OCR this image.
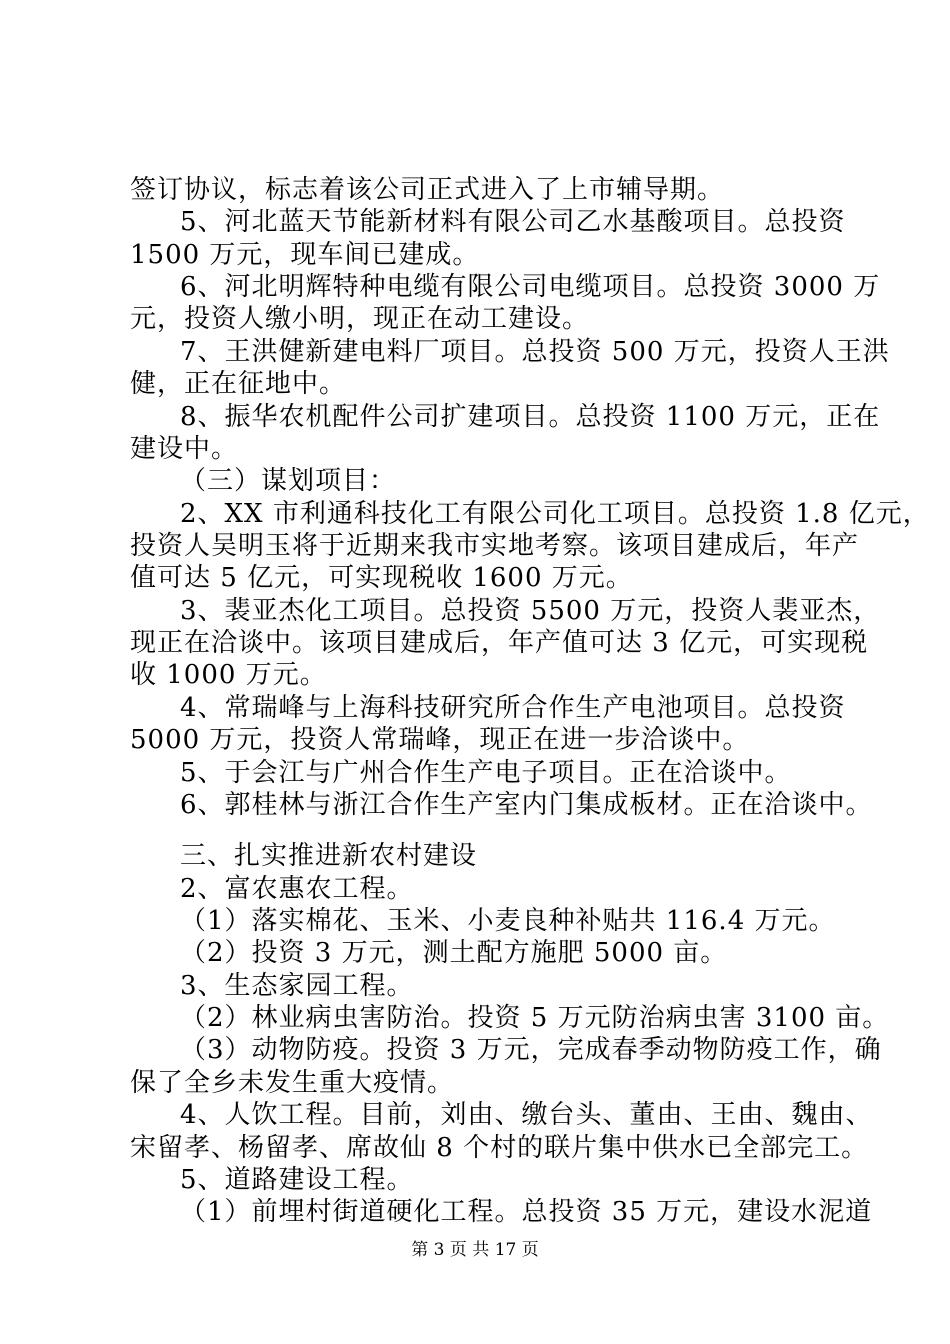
签订协议，标志着该公司正式进入了上市辅导期。
5、河北蓝天节能新材料有限公司乙水基酸项目。总投资
1500 万元，现车间已建成。
6、河北明辉特种电缆有限公司电缆项目。总投资 3000 万
元，投资人缴小明，现正在动工建设。
7、王洪健新建电料厂项目。总投资 500 万元，投资人王洪
健，正在征地中。
8、振华农机配件公司扩建项目。总投资 1100 万元，正在
建设中。
（三）谋划项目：
2、XX 市利通科技化工有限公司化工项目。总投资 1.8 亿元，
投资人吴明玉将于近期来我市实地考察。该项目建成后，年产
值可达 5 亿元，可实现税收 1600 万元。
3、裴亚杰化工项目。总投资 5500 万元，投资人裴亚杰，
现正在洽谈中。该项目建成后，年产值可达 3 亿元，可实现税
收 1000 万元。
4、常瑞峰与上海科技研究所合作生产电池项目。总投资
5000 万元，投资人常瑞峰，现正在进一步洽谈中。
5、于会江与广州合作生产电子项目。正在洽谈中。
6、郭桂林与浙江合作生产室内门集成板材。正在洽谈中。
三、扎实推进新农村建设
2、富农惠农工程。
（1）落实棉花、玉米、小麦良种补贴共 116.4 万元。
（2）投资 3 万元，测土配方施肥 5000 亩。
3、生态家园工程。
（2）林业病虫害防治。投资 5 万元防治病虫害 3100 亩。
（3）动物防疫。投资 3 万元，完成春季动物防疫工作，确
保了全乡未发生重大疫情。
4、人饮工程。目前，刘由、缴台头、董由、王由、魏由、
宋留孝、杨留孝、席故仙 8 个村的联片集中供水已全部完工。
5、道路建设工程。
（1）前埋村街道硬化工程。总投资 35 万元，建设水泥道
第 3 页 共 17 页
